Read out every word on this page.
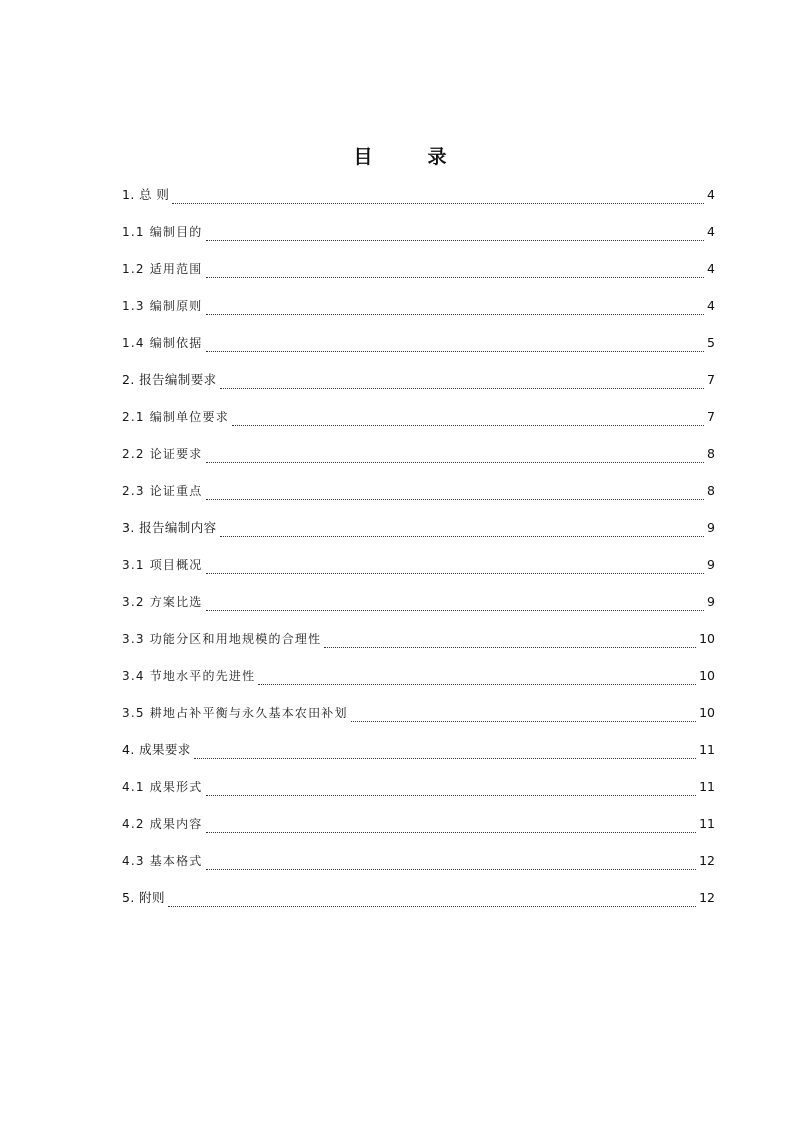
目　录
1. 总 则	4
1.1 编制目的	4
1.2 适用范围	4
1.3 编制原则	4
1.4 编制依据	5
2. 报告编制要求	7
2.1 编制单位要求	7
2.2 论证要求	8
2.3 论证重点	8
3. 报告编制内容	9
3.1 项目概况	9
3.2 方案比选	9
3.3 功能分区和用地规模的合理性	10
3.4 节地水平的先进性	10
3.5 耕地占补平衡与永久基本农田补划	10
4. 成果要求	11
4.1 成果形式	11
4.2 成果内容	11
4.3 基本格式	12
5. 附则	12
